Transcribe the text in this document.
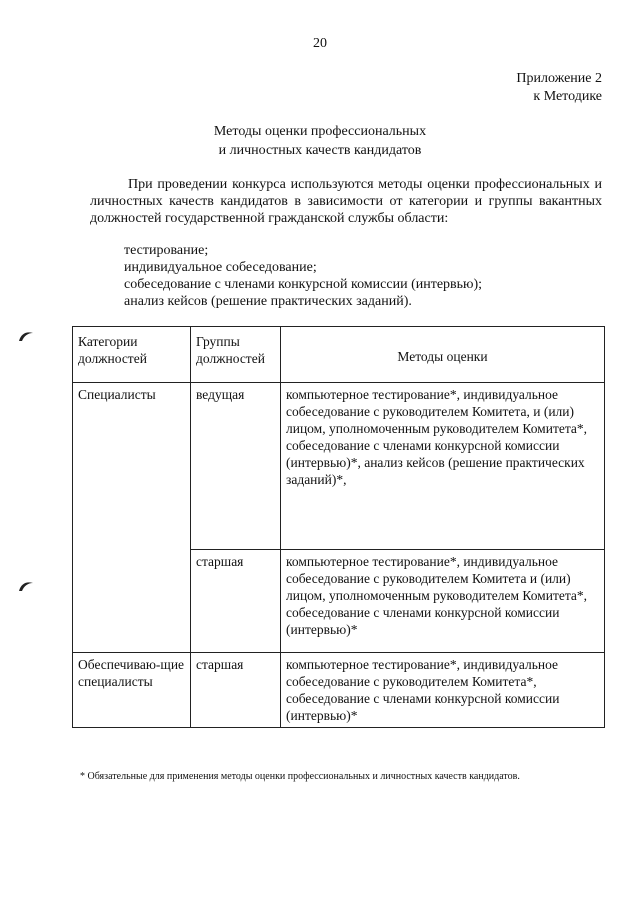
20
Приложение 2
к Методике
Методы оценки профессиональных
и личностных качеств кандидатов

При проведении конкурса используются методы оценки профессиональных и личностных качеств кандидатов в зависимости от категории и группы вакантных должностей государственной гражданской службы области:

тестирование;
индивидуальное собеседование;
собеседование с членами конкурсной комиссии (интервью);
анализ кейсов (решение практических заданий).
Категории должностей	Группы должностей	Методы оценки
Специалисты	ведущая	компьютерное тестирование*, индивидуальное собеседование с руководителем Комитета, и (или) лицом, уполномоченным руководителем Комитета*, собеседование с членами конкурсной комиссии (интервью)*, анализ кейсов (решение практических заданий)*,
	старшая	компьютерное тестирование*, индивидуальное собеседование с руководителем Комитета и (или) лицом, уполномоченным руководителем Комитета*, собеседование с членами конкурсной комиссии (интервью)*
Обеспечиваю-щие специалисты	старшая	компьютерное тестирование*, индивидуальное собеседование с руководителем Комитета*, собеседование с членами конкурсной комиссии (интервью)*
* Обязательные для применения методы оценки профессиональных и личностных качеств кандидатов.
